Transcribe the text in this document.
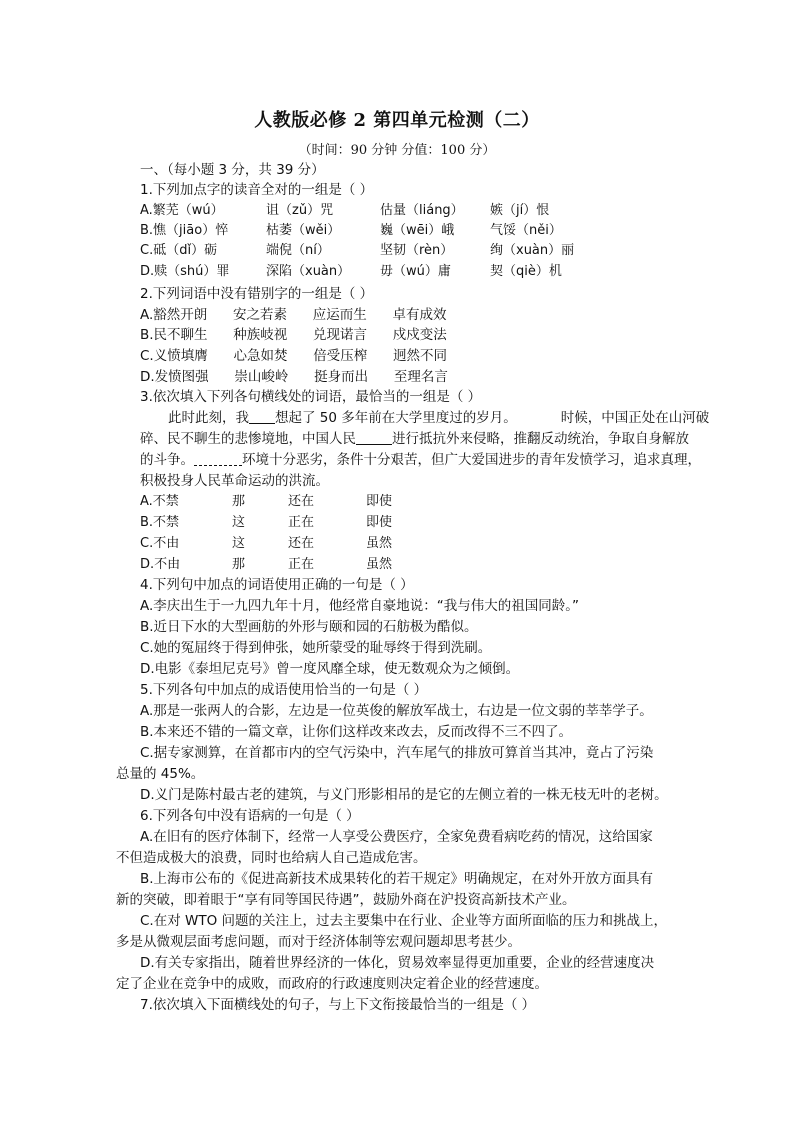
人教版必修 2 第四单元检测（二）
（时间：90 分钟 分值：100 分）
一、（每小题 3 分，共 39 分）
1.下列加点字的读音全对的一组是（ ）
A.繁芜（wú）	诅（zǔ）咒	估量（liáng） 嫉（jí）恨
B.憔（jiāo）悴	枯萎（wěi）	巍（wēi）峨	气馁（něi）
C.砥（dǐ）砺	端倪（ní）	坚韧（rèn）	绚（xuàn）丽
D.赎（shú）罪	深陷（xuàn） 毋（wú）庸	契（qiè）机
2.下列词语中没有错别字的一组是（ ）
A.豁然开朗      安之若素      应运而生      卓有成效
B.民不聊生      种族岐视      兑现诺言      戍戍变法
C.义愤填膺      心急如焚      倍受压榨      迥然不同
D.发愤图强      崇山峻岭      挺身而出      至理名言
3.依次填入下列各句横线处的词语，最恰当的一组是（ ）
此时此刻，我 想起了 50 多年前在大学里度过的岁月。	时候，中国正处在山河破
碎、民不聊生的悲惨境地，中国人民	进行抵抗外来侵略，推翻反动统治，争取自身解放
的斗争。	环境十分恶劣，条件十分艰苦，但广大爱国进步的青年发愤学习，追求真理，
积极投身人民革命运动的洪流。
A.不禁	那	还在	即使
B.不禁	这	正在	即使
C.不由	这	还在	虽然
D.不由	那	正在	虽然
4.下列句中加点的词语使用正确的一句是（ ）
A.李庆出生于一九四九年十月，他经常自豪地说：“我与伟大的祖国同龄。”
B.近日下水的大型画舫的外形与颐和园的石舫极为酷似。
C.她的冤屈终于得到伸张，她所蒙受的耻辱终于得到洗刷。
D.电影《泰坦尼克号》曾一度风靡全球，使无数观众为之倾倒。
5.下列各句中加点的成语使用恰当的一句是（ ）
A.那是一张两人的合影，左边是一位英俊的解放军战士，右边是一位文弱的莘莘学子。
B.本来还不错的一篇文章，让你们这样改来改去，反而改得不三不四了。
C.据专家测算，在首都市内的空气污染中，汽车尾气的排放可算首当其冲，竟占了污染
总量的 45%。
D.义门是陈村最古老的建筑，与义门形影相吊的是它的左侧立着的一株无枝无叶的老树。
6.下列各句中没有语病的一句是（ ）
A.在旧有的医疗体制下，经常一人享受公费医疗，全家免费看病吃药的情况，这给国家
不但造成极大的浪费，同时也给病人自己造成危害。
B.上海市公布的《促进高新技术成果转化的若干规定》明确规定，在对外开放方面具有
新的突破，即着眼于“享有同等国民待遇”，鼓励外商在沪投资高新技术产业。
C.在对 WTO 问题的关注上，过去主要集中在行业、企业等方面所面临的压力和挑战上，
多是从微观层面考虑问题，而对于经济体制等宏观问题却思考甚少。
D.有关专家指出，随着世界经济的一体化，贸易效率显得更加重要，企业的经营速度决
定了企业在竞争中的成败，而政府的行政速度则决定着企业的经营速度。
7.依次填入下面横线处的句子，与上下文衔接最恰当的一组是（ ）
